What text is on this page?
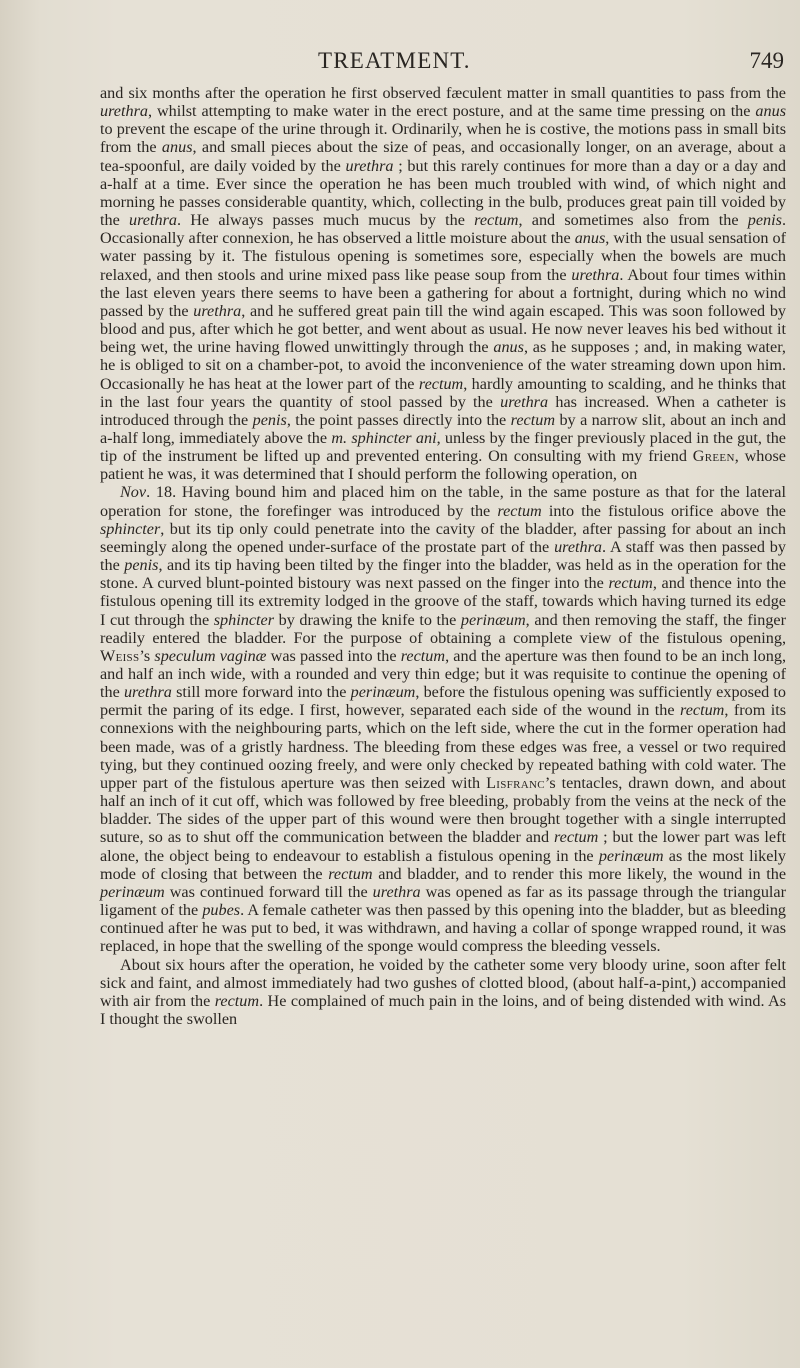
TREATMENT.	749

and six months after the operation he first observed fæculent matter in small quantities to pass from the urethra, whilst attempting to make water in the erect posture, and at the same time pressing on the anus to prevent the escape of the urine through it. Ordinarily, when he is costive, the motions pass in small bits from the anus, and small pieces about the size of peas, and occasionally longer, on an average, about a tea-spoonful, are daily voided by the urethra ; but this rarely continues for more than a day or a day and a-half at a time. Ever since the operation he has been much troubled with wind, of which night and morning he passes considerable quantity, which, collecting in the bulb, produces great pain till voided by the urethra. He always passes much mucus by the rectum, and sometimes also from the penis. Occasionally after connexion, he has observed a little moisture about the anus, with the usual sensation of water passing by it. The fistulous opening is sometimes sore, especially when the bowels are much relaxed, and then stools and urine mixed pass like pease soup from the urethra. About four times within the last eleven years there seems to have been a gathering for about a fortnight, during which no wind passed by the urethra, and he suffered great pain till the wind again escaped. This was soon followed by blood and pus, after which he got better, and went about as usual. He now never leaves his bed without it being wet, the urine having flowed unwittingly through the anus, as he supposes ; and, in making water, he is obliged to sit on a chamber-pot, to avoid the inconvenience of the water streaming down upon him. Occasionally he has heat at the lower part of the rectum, hardly amounting to scalding, and he thinks that in the last four years the quantity of stool passed by the urethra has increased. When a catheter is introduced through the penis, the point passes directly into the rectum by a narrow slit, about an inch and a-half long, immediately above the m. sphincter ani, unless by the finger previously placed in the gut, the tip of the instrument be lifted up and prevented entering. On consulting with my friend Green, whose patient he was, it was determined that I should perform the following operation, on

Nov. 18. Having bound him and placed him on the table, in the same posture as that for the lateral operation for stone, the forefinger was introduced by the rectum into the fistulous orifice above the sphincter, but its tip only could penetrate into the cavity of the bladder, after passing for about an inch seemingly along the opened under-surface of the prostate part of the urethra. A staff was then passed by the penis, and its tip having been tilted by the finger into the bladder, was held as in the operation for the stone. A curved blunt-pointed bistoury was next passed on the finger into the rectum, and thence into the fistulous opening till its extremity lodged in the groove of the staff, towards which having turned its edge I cut through the sphincter by drawing the knife to the perinæum, and then removing the staff, the finger readily entered the bladder. For the purpose of obtaining a complete view of the fistulous opening, Weiss’s speculum vaginæ was passed into the rectum, and the aperture was then found to be an inch long, and half an inch wide, with a rounded and very thin edge; but it was requisite to continue the opening of the urethra still more forward into the perinæum, before the fistulous opening was sufficiently exposed to permit the paring of its edge. I first, however, separated each side of the wound in the rectum, from its connexions with the neighbouring parts, which on the left side, where the cut in the former operation had been made, was of a gristly hardness. The bleeding from these edges was free, a vessel or two required tying, but they continued oozing freely, and were only checked by repeated bathing with cold water. The upper part of the fistulous aperture was then seized with Lisfranc’s tentacles, drawn down, and about half an inch of it cut off, which was followed by free bleeding, probably from the veins at the neck of the bladder. The sides of the upper part of this wound were then brought together with a single interrupted suture, so as to shut off the communication between the bladder and rectum ; but the lower part was left alone, the object being to endeavour to establish a fistulous opening in the perinæum as the most likely mode of closing that between the rectum and bladder, and to render this more likely, the wound in the perinæum was continued forward till the urethra was opened as far as its passage through the triangular ligament of the pubes. A female catheter was then passed by this opening into the bladder, but as bleeding continued after he was put to bed, it was withdrawn, and having a collar of sponge wrapped round, it was replaced, in hope that the swelling of the sponge would compress the bleeding vessels.

About six hours after the operation, he voided by the catheter some very bloody urine, soon after felt sick and faint, and almost immediately had two gushes of clotted blood, (about half-a-pint,) accompanied with air from the rectum. He complained of much pain in the loins, and of being distended with wind. As I thought the swollen
